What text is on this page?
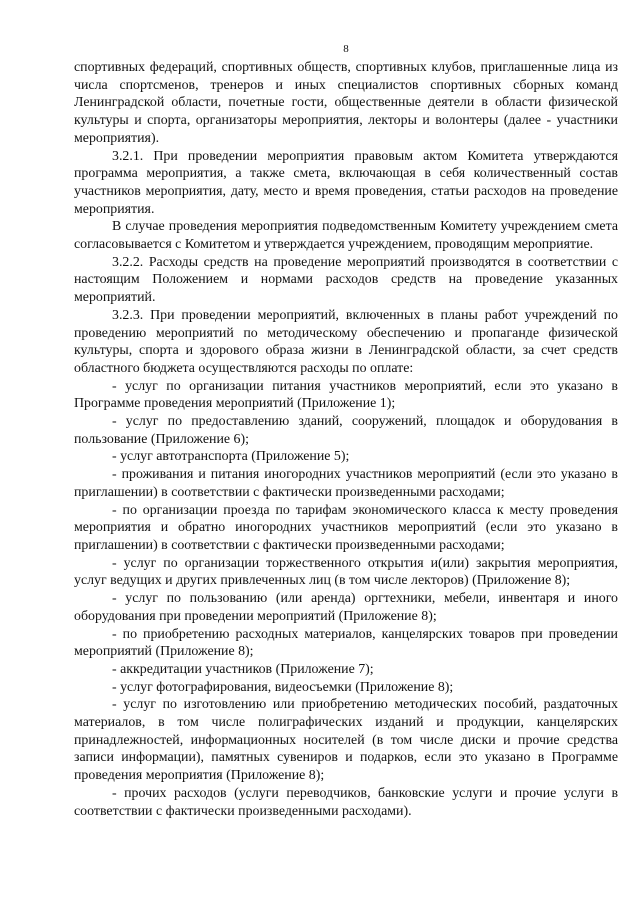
8

спортивных федераций, спортивных обществ, спортивных клубов, приглашенные лица из числа спортсменов, тренеров и иных специалистов спортивных сборных команд Ленинградской области, почетные гости, общественные деятели в области физической культуры и спорта, организаторы мероприятия, лекторы и волонтеры (далее - участники мероприятия).

3.2.1. При проведении мероприятия правовым актом Комитета утверждаются программа мероприятия, а также смета, включающая в себя количественный состав участников мероприятия, дату, место и время проведения, статьи расходов на проведение мероприятия.

В случае проведения мероприятия подведомственным Комитету учреждением смета согласовывается с Комитетом и утверждается учреждением, проводящим мероприятие.

3.2.2. Расходы средств на проведение мероприятий производятся в соответствии с настоящим Положением и нормами расходов средств на проведение указанных мероприятий.

3.2.3. При проведении мероприятий, включенных в планы работ учреждений по проведению мероприятий по методическому обеспечению и пропаганде физической культуры, спорта и здорового образа жизни в Ленинградской области, за счет средств областного бюджета осуществляются расходы по оплате:

- услуг по организации питания участников мероприятий, если это указано в Программе проведения мероприятий (Приложение 1);

- услуг по предоставлению зданий, сооружений, площадок и оборудования в пользование (Приложение 6);

- услуг автотранспорта (Приложение 5);

- проживания и питания иногородних участников мероприятий (если это указано в приглашении) в соответствии с фактически произведенными расходами;

- по организации проезда по тарифам экономического класса к месту проведения мероприятия и обратно иногородних участников мероприятий (если это указано в приглашении) в соответствии с фактически произведенными расходами;

- услуг по организации торжественного открытия и(или) закрытия мероприятия, услуг ведущих и других привлеченных лиц (в том числе лекторов) (Приложение 8);

- услуг по пользованию (или аренда) оргтехники, мебели, инвентаря и иного оборудования при проведении мероприятий (Приложение 8);

- по приобретению расходных материалов, канцелярских товаров при проведении мероприятий (Приложение 8);

- аккредитации участников (Приложение 7);

- услуг фотографирования, видеосъемки (Приложение 8);

- услуг по изготовлению или приобретению методических пособий, раздаточных материалов, в том числе полиграфических изданий и продукции, канцелярских принадлежностей, информационных носителей (в том числе диски и прочие средства записи информации), памятных сувениров и подарков, если это указано в Программе проведения мероприятия (Приложение 8);

- прочих расходов (услуги переводчиков, банковские услуги и прочие услуги в соответствии с фактически произведенными расходами).
